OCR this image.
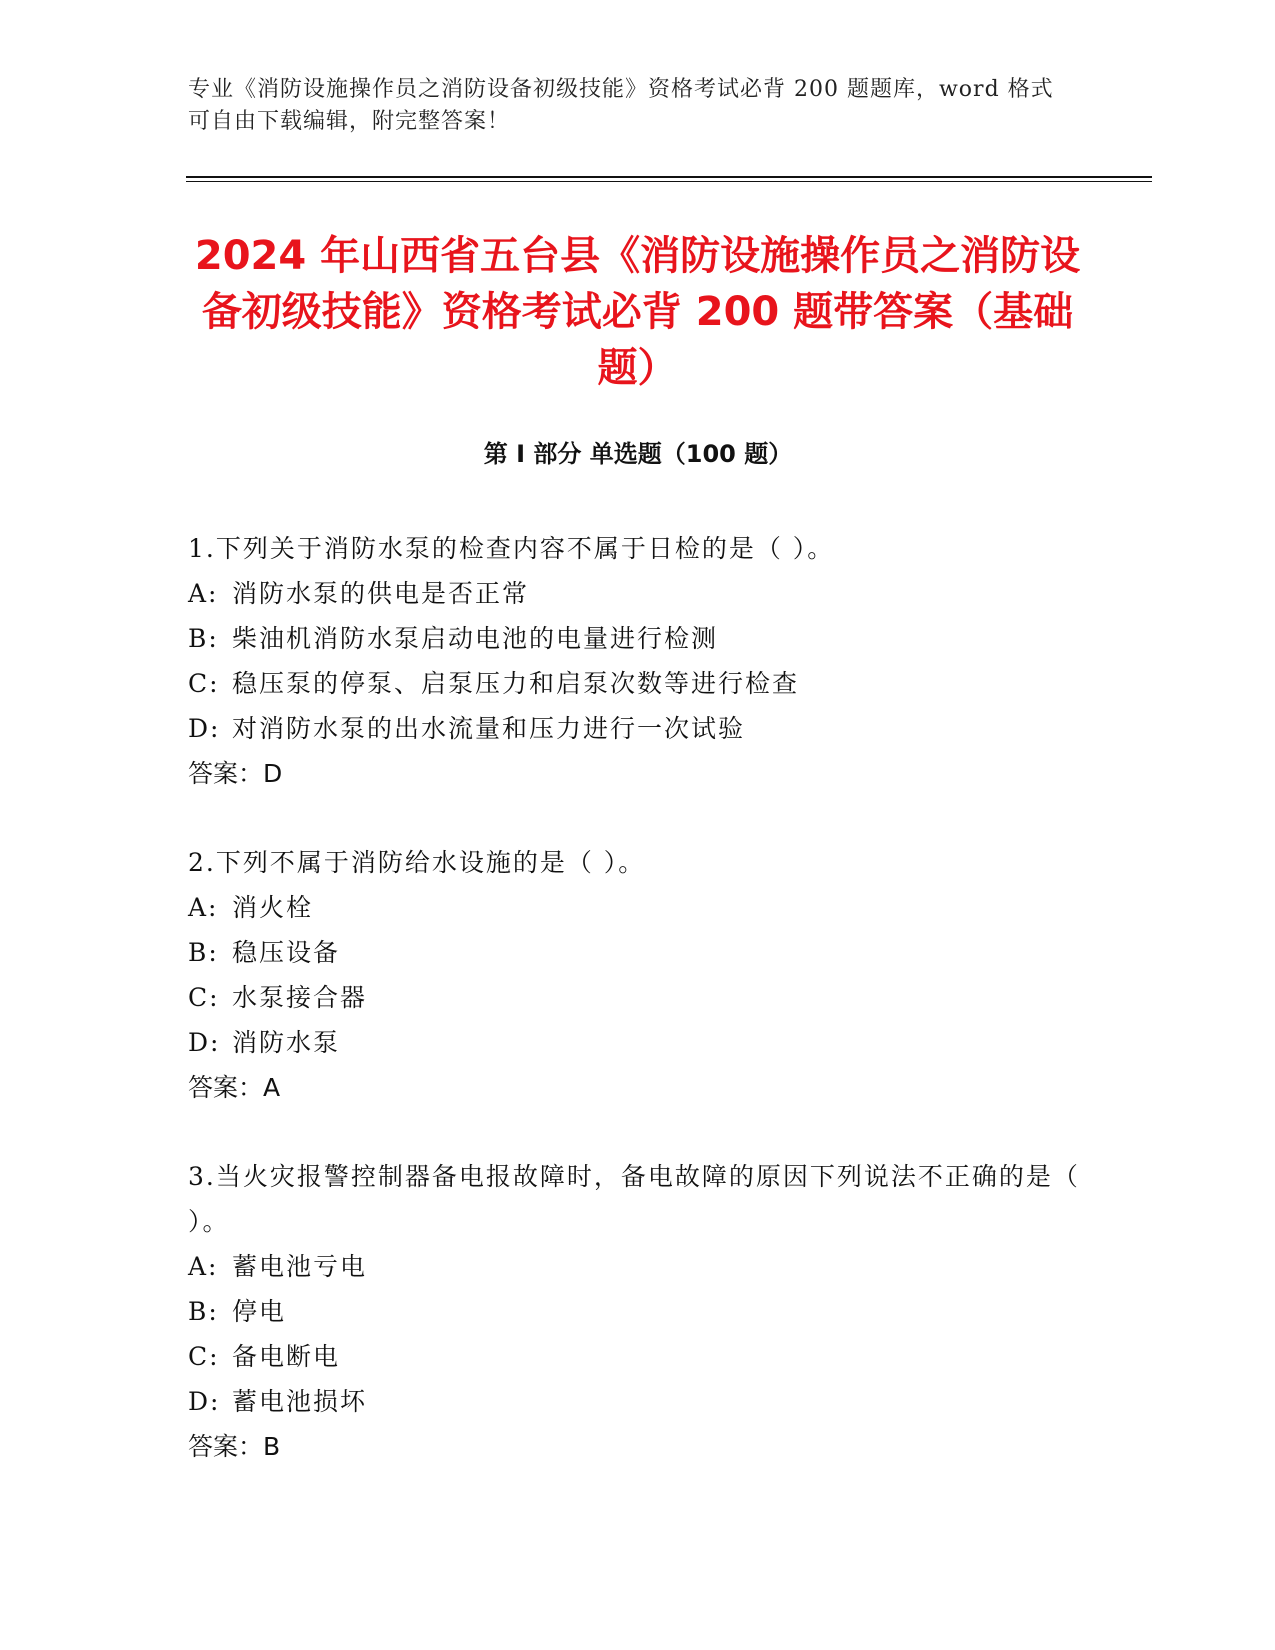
专业《消防设施操作员之消防设备初级技能》资格考试必背 200 题题库，word 格式可自由下载编辑，附完整答案！
2024 年山西省五台县《消防设施操作员之消防设备初级技能》资格考试必背 200 题带答案（基础题）
第 I 部分 单选题（100 题）
1.下列关于消防水泵的检查内容不属于日检的是（ ）。
A: 消防水泵的供电是否正常
B: 柴油机消防水泵启动电池的电量进行检测
C: 稳压泵的停泵、启泵压力和启泵次数等进行检查
D: 对消防水泵的出水流量和压力进行一次试验
答案：D
2.下列不属于消防给水设施的是（ ）。
A: 消火栓
B: 稳压设备
C: 水泵接合器
D: 消防水泵
答案：A
3.当火灾报警控制器备电报故障时，备电故障的原因下列说法不正确的是（ ）。
A: 蓄电池亏电
B: 停电
C: 备电断电
D: 蓄电池损坏
答案：B
